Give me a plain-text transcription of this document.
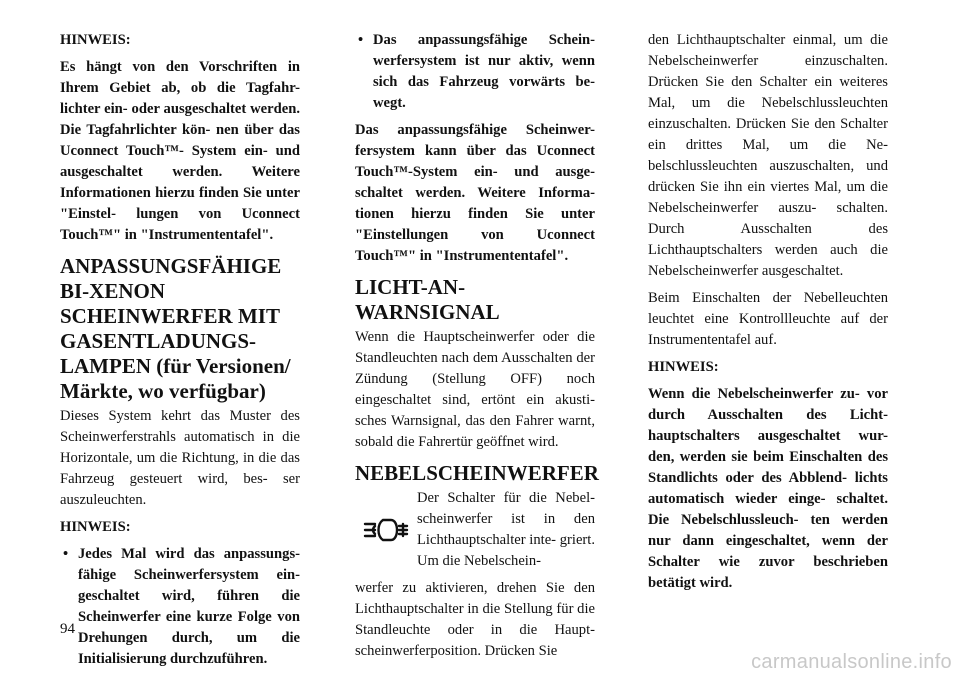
HINWEIS:

Es hängt von den Vorschriften in Ihrem Gebiet ab, ob die Tagfahr- lichter ein- oder ausgeschaltet werden. Die Tagfahrlichter kön- nen über das Uconnect Touch™- System ein- und ausgeschaltet werden. Weitere Informationen hierzu finden Sie unter "Einstel- lungen von Uconnect Touch™" in "Instrumententafel".

ANPASSUNGSFÄHIGE BI-XENON SCHEINWERFER MIT GASENTLADUNGS-LAMPEN (für Versionen/ Märkte, wo verfügbar)

Dieses System kehrt das Muster des Scheinwerferstrahls automatisch in die Horizontale, um die Richtung, in die das Fahrzeug gesteuert wird, bes- ser auszuleuchten.

HINWEIS:

• Jedes Mal wird das anpassungs- fähige Scheinwerfersystem ein- geschaltet wird, führen die Scheinwerfer eine kurze Folge von Drehungen durch, um die Initialisierung durchzuführen.
• Das anpassungsfähige Schein- werfersystem ist nur aktiv, wenn sich das Fahrzeug vorwärts be- wegt.

Das anpassungsfähige Scheinwer- fersystem kann über das Uconnect Touch™-System ein- und ausge- schaltet werden. Weitere Informa- tionen hierzu finden Sie unter "Einstellungen von Uconnect Touch™" in "Instrumententafel".

LICHT-AN-WARNSIGNAL

Wenn die Hauptscheinwerfer oder die Standleuchten nach dem Ausschalten der Zündung (Stellung OFF) noch eingeschaltet sind, ertönt ein akusti- sches Warnsignal, das den Fahrer warnt, sobald die Fahrertür geöffnet wird.

NEBELSCHEINWERFER

Der Schalter für die Nebel- scheinwerfer ist in den Lichthauptschalter inte- griert. Um die Nebelschein-

werfer zu aktivieren, drehen Sie den Lichthauptschalter in die Stellung für die Standleuchte oder in die Haupt- scheinwerferposition. Drücken Sie

den Lichthauptschalter einmal, um die Nebelscheinwerfer einzuschalten. Drücken Sie den Schalter ein weiteres Mal, um die Nebelschlussleuchten einzuschalten. Drücken Sie den Schalter ein drittes Mal, um die Ne- belschlussleuchten auszuschalten, und drücken Sie ihn ein viertes Mal, um die Nebelscheinwerfer auszu- schalten. Durch Ausschalten des Lichthauptschalters werden auch die Nebelscheinwerfer ausgeschaltet.

Beim Einschalten der Nebelleuchten leuchtet eine Kontrollleuchte auf der Instrumententafel auf.

HINWEIS:

Wenn die Nebelscheinwerfer zu- vor durch Ausschalten des Licht- hauptschalters ausgeschaltet wur- den, werden sie beim Einschalten des Standlichts oder des Abblend- lichts automatisch wieder einge- schaltet. Die Nebelschlussleuch- ten werden nur dann eingeschaltet, wenn der Schalter wie zuvor beschrieben betätigt wird.

94
carmanualsonline.info
